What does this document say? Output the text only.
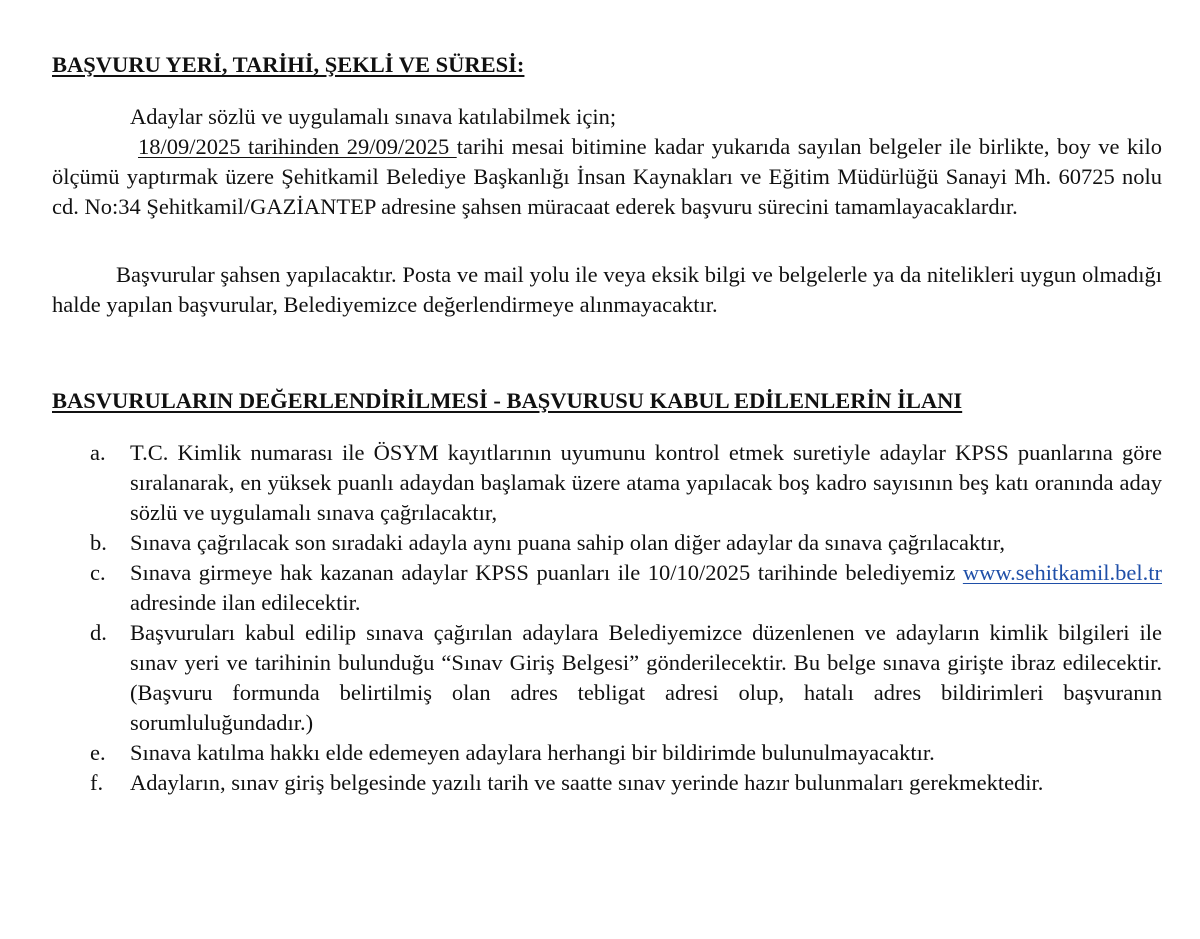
BAŞVURU YERİ, TARİHİ, ŞEKLİ VE SÜRESİ:

Adaylar sözlü ve uygulamalı sınava katılabilmek için;

18/09/2025 tarihinden 29/09/2025 tarihi mesai bitimine kadar yukarıda sayılan belgeler ile birlikte, boy ve kilo ölçümü yaptırmak üzere Şehitkamil Belediye Başkanlığı İnsan Kaynakları ve Eğitim Müdürlüğü Sanayi Mh. 60725 nolu cd. No:34 Şehitkamil/GAZİANTEP adresine şahsen müracaat ederek başvuru sürecini tamamlayacaklardır.

Başvurular şahsen yapılacaktır. Posta ve mail yolu ile veya eksik bilgi ve belgelerle ya da nitelikleri uygun olmadığı halde yapılan başvurular, Belediyemizce değerlendirmeye alınmayacaktır.

BASVURULARIN DEĞERLENDİRİLMESİ - BAŞVURUSU KABUL EDİLENLERİN İLANI
a. T.C. Kimlik numarası ile ÖSYM kayıtlarının uyumunu kontrol etmek suretiyle adaylar KPSS puanlarına göre sıralanarak, en yüksek puanlı adaydan başlamak üzere atama yapılacak boş kadro sayısının beş katı oranında aday sözlü ve uygulamalı sınava çağrılacaktır,
b. Sınava çağrılacak son sıradaki adayla aynı puana sahip olan diğer adaylar da sınava çağrılacaktır,
c. Sınava girmeye hak kazanan adaylar KPSS puanları ile 10/10/2025 tarihinde belediyemiz www.sehitkamil.bel.tr adresinde ilan edilecektir.
d. Başvuruları kabul edilip sınava çağırılan adaylara Belediyemizce düzenlenen ve adayların kimlik bilgileri ile sınav yeri ve tarihinin bulunduğu “Sınav Giriş Belgesi” gönderilecektir. Bu belge sınava girişte ibraz edilecektir. (Başvuru formunda belirtilmiş olan adres tebligat adresi olup, hatalı adres bildirimleri başvuranın sorumluluğundadır.)
e. Sınava katılma hakkı elde edemeyen adaylara herhangi bir bildirimde bulunulmayacaktır.
f. Adayların, sınav giriş belgesinde yazılı tarih ve saatte sınav yerinde hazır bulunmaları gerekmektedir.
